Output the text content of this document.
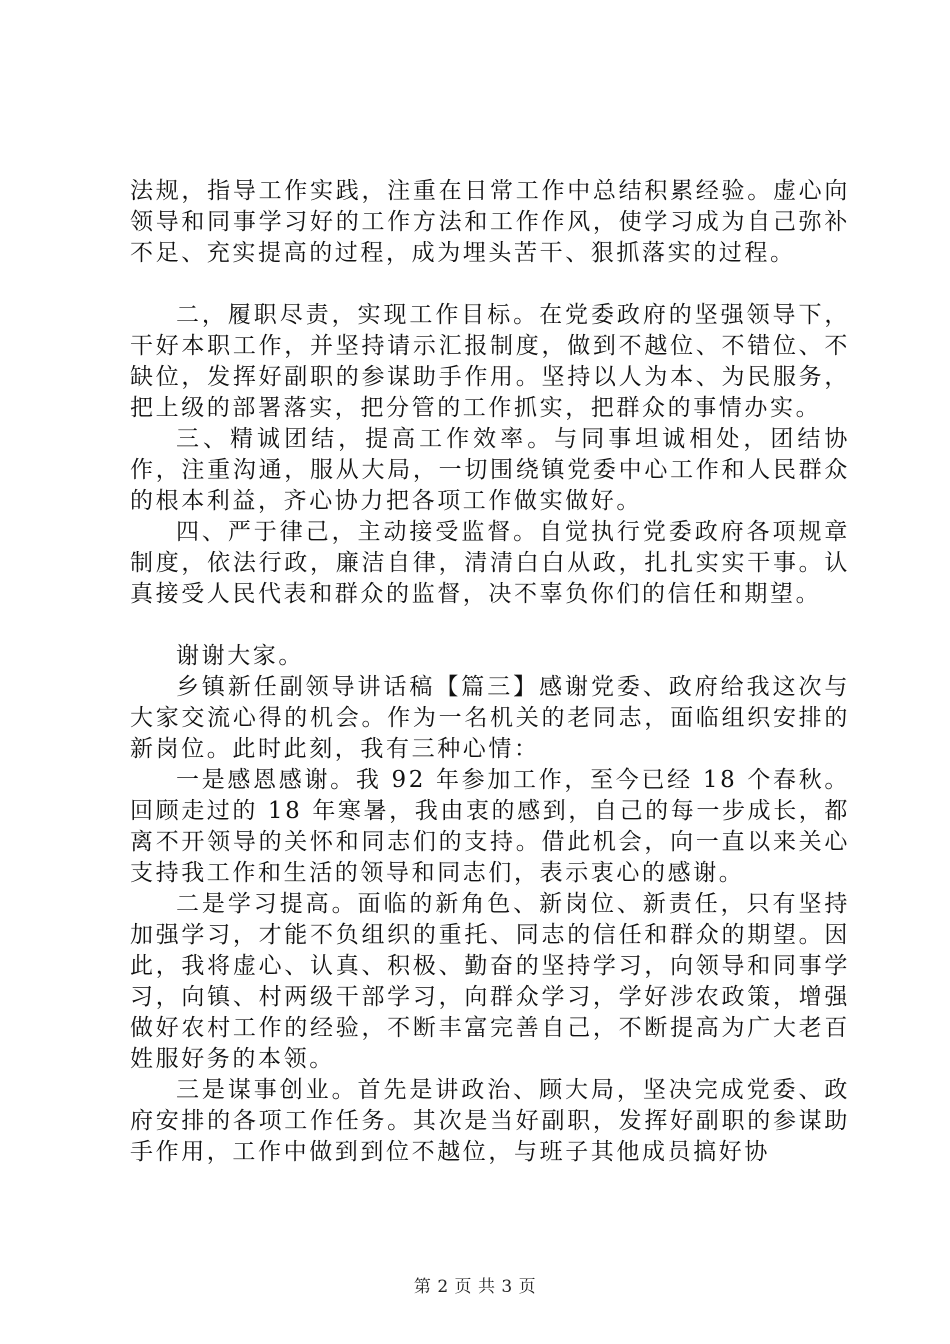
法规，指导工作实践，注重在日常工作中总结积累经验。虚心向领导和同事学习好的工作方法和工作作风，使学习成为自己弥补不足、充实提高的过程，成为埋头苦干、狠抓落实的过程。

二，履职尽责，实现工作目标。在党委政府的坚强领导下，干好本职工作，并坚持请示汇报制度，做到不越位、不错位、不缺位，发挥好副职的参谋助手作用。坚持以人为本、为民服务，把上级的部署落实，把分管的工作抓实，把群众的事情办实。

三、精诚团结，提高工作效率。与同事坦诚相处，团结协作，注重沟通，服从大局，一切围绕镇党委中心工作和人民群众的根本利益，齐心协力把各项工作做实做好。

四、严于律己，主动接受监督。自觉执行党委政府各项规章制度，依法行政，廉洁自律，清清白白从政，扎扎实实干事。认真接受人民代表和群众的监督，决不辜负你们的信任和期望。

谢谢大家。

乡镇新任副领导讲话稿【篇三】感谢党委、政府给我这次与大家交流心得的机会。作为一名机关的老同志，面临组织安排的新岗位。此时此刻，我有三种心情：

一是感恩感谢。我 92 年参加工作，至今已经 18 个春秋。回顾走过的 18 年寒暑，我由衷的感到，自己的每一步成长，都离不开领导的关怀和同志们的支持。借此机会，向一直以来关心支持我工作和生活的领导和同志们，表示衷心的感谢。

二是学习提高。面临的新角色、新岗位、新责任，只有坚持加强学习，才能不负组织的重托、同志的信任和群众的期望。因此，我将虚心、认真、积极、勤奋的坚持学习，向领导和同事学习，向镇、村两级干部学习，向群众学习，学好涉农政策，增强做好农村工作的经验，不断丰富完善自己，不断提高为广大老百姓服好务的本领。

三是谋事创业。首先是讲政治、顾大局，坚决完成党委、政府安排的各项工作任务。其次是当好副职，发挥好副职的参谋助手作用，工作中做到到位不越位，与班子其他成员搞好协

第 2 页 共 3 页
